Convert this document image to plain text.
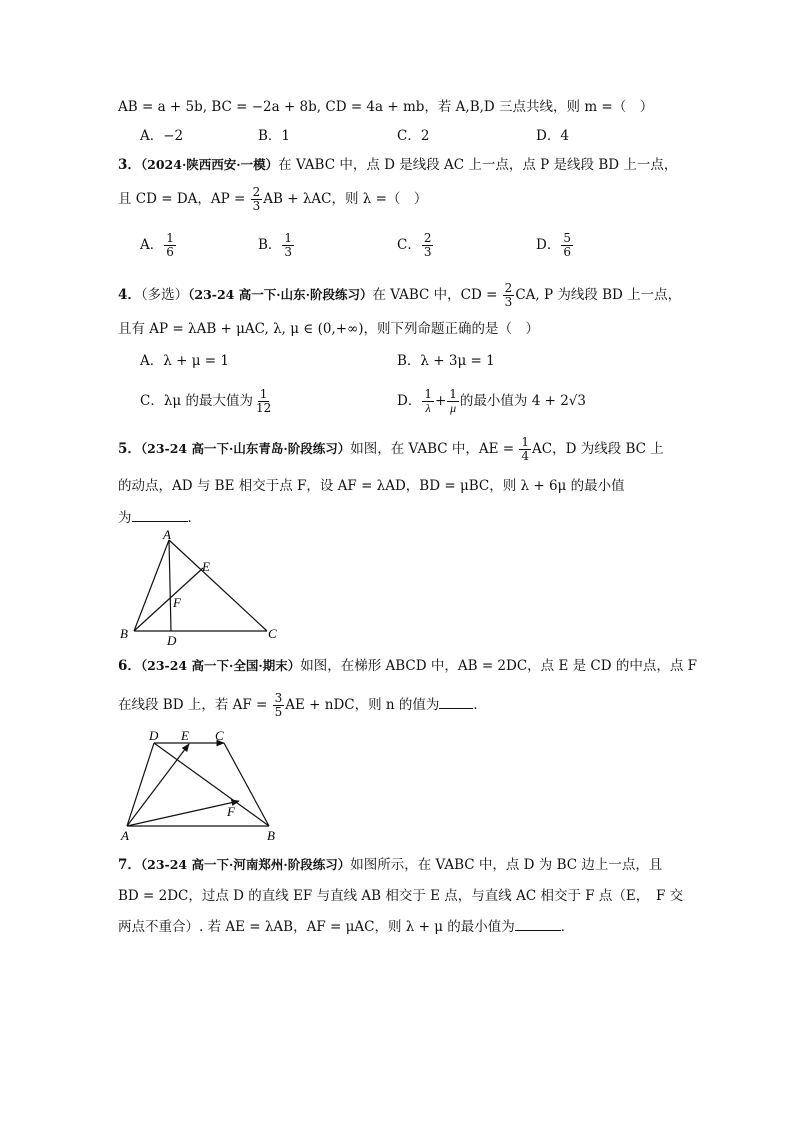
AB = a + 5b, BC = −2a + 8b, CD = 4a + mb，若 A,B,D 三点共线，则 m =（　）
A．−2	B．1	C．2	D．4
3．（2024·陕西西安·一模）在 VABC 中，点 D 是线段 AC 上一点，点 P 是线段 BD 上一点，
且 CD = DA，AP = $\frac{2}{3}$ AB + λAC，则 λ =（　）
A． $\frac{1}{6}$	B． $\frac{1}{3}$	C． $\frac{2}{3}$	D． $\frac{5}{6}$
4．（多选）（23-24 高一下·山东·阶段练习）在 VABC 中，CD = $\frac{2}{3}$ CA, P 为线段 BD 上一点，
且有 AP = λAB + μAC, λ, μ ∈ (0,+∞)，则下列命题正确的是（　）
A．λ + μ = 1	B．λ + 3μ = 1
C．λμ 的最大值为 $\frac{1}{12}$	D． $\frac{1}{\lambda} + \frac{1}{\mu}$ 的最小值为 4 + 2√3
5．（23-24 高一下·山东青岛·阶段练习）如图，在 VABC 中，AE = $\frac{1}{4}$ AC，D 为线段 BC 上
的动点，AD 与 BE 相交于点 F，设 AF = λAD，BD = μBC，则 λ + 6μ 的最小值
为	．
A
B	C
D
E
F
6．（23-24 高一下·全国·期末）如图，在梯形 ABCD 中，AB = 2DC，点 E 是 CD 的中点，点 F
在线段 BD 上，若 AF = $\frac{3}{5}$ AE + nDC，则 n 的值为	．
D E C
A	B
F
7．（23-24 高一下·河南郑州·阶段练习）如图所示，在 VABC 中，点 D 为 BC 边上一点，且
BD = 2DC，过点 D 的直线 EF 与直线 AB 相交于 E 点，与直线 AC 相交于 F 点（E，　F 交
两点不重合）. 若 AE = λAB，AF = μAC，则 λ + μ 的最小值为	．
